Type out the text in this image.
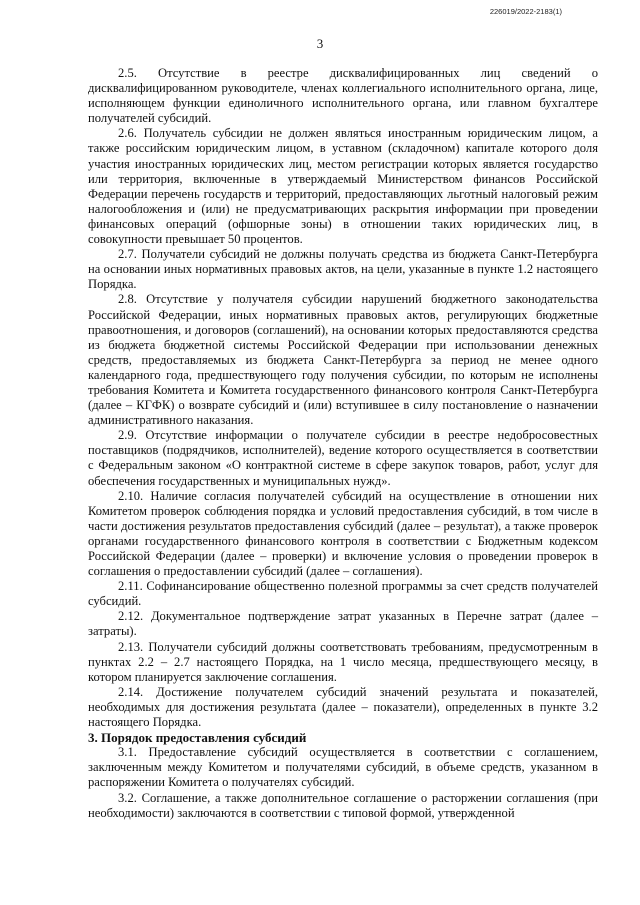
226019/2022-2183(1)
3

2.5. Отсутствие в реестре дисквалифицированных лиц сведений о дисквалифицированном руководителе, членах коллегиального исполнительного органа, лице, исполняющем функции единоличного исполнительного органа, или главном бухгалтере получателей субсидий.

2.6. Получатель субсидии не должен являться иностранным юридическим лицом, а также российским юридическим лицом, в уставном (складочном) капитале которого доля участия иностранных юридических лиц, местом регистрации которых является государство или территория, включенные в утверждаемый Министерством финансов Российской Федерации перечень государств и территорий, предоставляющих льготный налоговый режим налогообложения и (или) не предусматривающих раскрытия информации при проведении финансовых операций (офшорные зоны) в отношении таких юридических лиц, в совокупности превышает 50 процентов.

2.7. Получатели субсидий не должны получать средства из бюджета Санкт-Петербурга на основании иных нормативных правовых актов, на цели, указанные в пункте 1.2 настоящего Порядка.

2.8. Отсутствие у получателя субсидии нарушений бюджетного законодательства Российской Федерации, иных нормативных правовых актов, регулирующих бюджетные правоотношения, и договоров (соглашений), на основании которых предоставляются средства из бюджета бюджетной системы Российской Федерации при использовании денежных средств, предоставляемых из бюджета Санкт-Петербурга за период не менее одного календарного года, предшествующего году получения субсидии, по которым не исполнены требования Комитета и Комитета государственного финансового контроля Санкт-Петербурга (далее – КГФК) о возврате субсидий и (или) вступившее в силу постановление о назначении административного наказания.

2.9. Отсутствие информации о получателе субсидии в реестре недобросовестных поставщиков (подрядчиков, исполнителей), ведение которого осуществляется в соответствии с Федеральным законом «О контрактной системе в сфере закупок товаров, работ, услуг для обеспечения государственных и муниципальных нужд».

2.10. Наличие согласия получателей субсидий на осуществление в отношении них Комитетом проверок соблюдения порядка и условий предоставления субсидий, в том числе в части достижения результатов предоставления субсидий (далее – результат), а также проверок органами государственного финансового контроля в соответствии с Бюджетным кодексом Российской Федерации (далее – проверки) и включение условия о проведении проверок в соглашения о предоставлении субсидий (далее – соглашения).

2.11. Софинансирование общественно полезной программы за счет средств получателей субсидий.

2.12. Документальное подтверждение затрат указанных в Перечне затрат (далее – затраты).

2.13. Получатели субсидий должны соответствовать требованиям, предусмотренным в пунктах 2.2 – 2.7 настоящего Порядка, на 1 число месяца, предшествующего месяцу, в котором планируется заключение соглашения.

2.14. Достижение получателем субсидий значений результата и показателей, необходимых для достижения результата (далее – показатели), определенных в пункте 3.2 настоящего Порядка.

3. Порядок предоставления субсидий

3.1. Предоставление субсидий осуществляется в соответствии с соглашением, заключенным между Комитетом и получателями субсидий, в объеме средств, указанном в распоряжении Комитета о получателях субсидий.

3.2. Соглашение, а также дополнительное соглашение о расторжении соглашения (при необходимости) заключаются в соответствии с типовой формой, утвержденной
